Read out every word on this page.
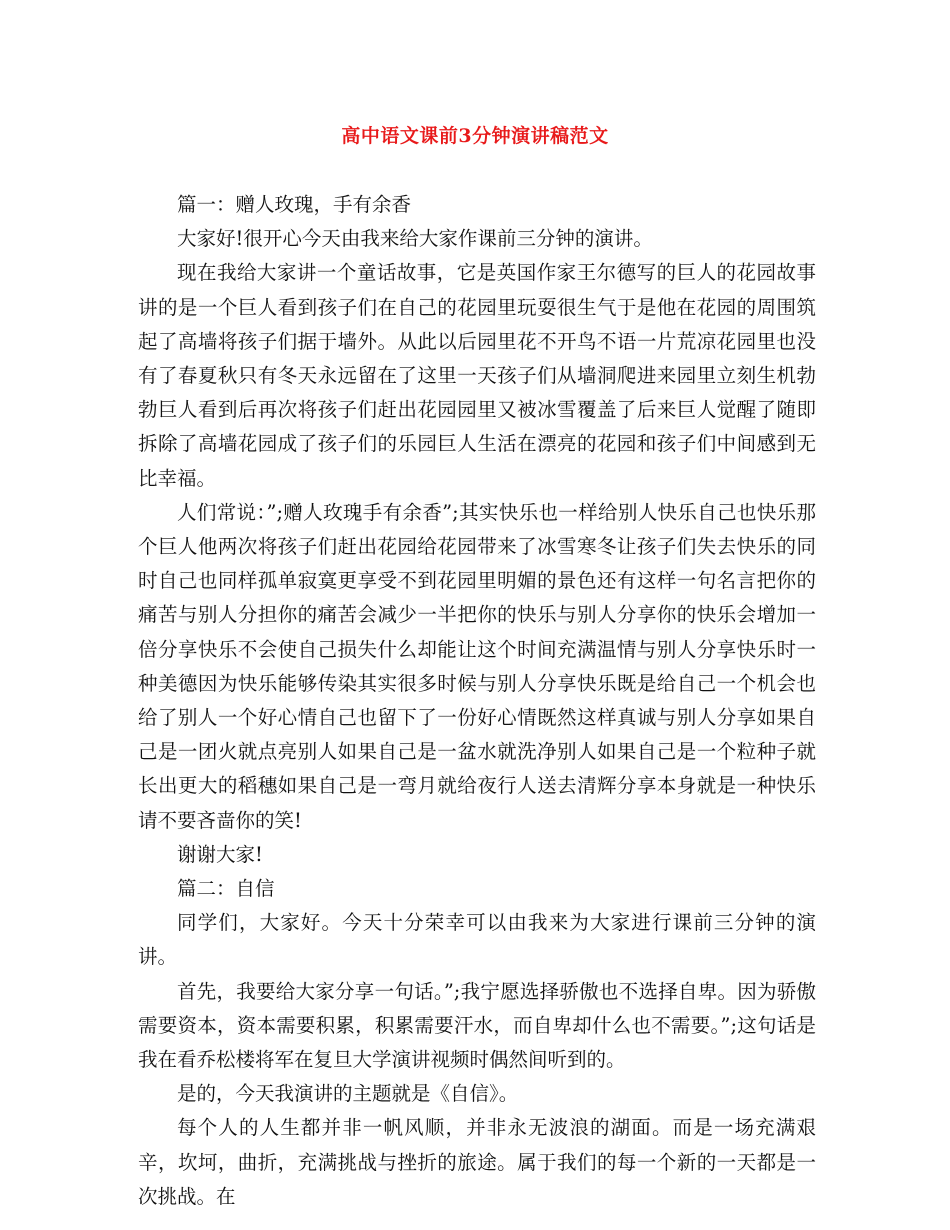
高中语文课前3分钟演讲稿范文

篇一：赠人玫瑰，手有余香

大家好!很开心今天由我来给大家作课前三分钟的演讲。

现在我给大家讲一个童话故事，它是英国作家王尔德写的巨人的花园故事讲的是一个巨人看到孩子们在自己的花园里玩耍很生气于是他在花园的周围筑起了高墙将孩子们据于墙外。从此以后园里花不开鸟不语一片荒凉花园里也没有了春夏秋只有冬天永远留在了这里一天孩子们从墙洞爬进来园里立刻生机勃勃巨人看到后再次将孩子们赶出花园园里又被冰雪覆盖了后来巨人觉醒了随即拆除了高墙花园成了孩子们的乐园巨人生活在漂亮的花园和孩子们中间感到无比幸福。

人们常说：”;赠人玫瑰手有余香”;其实快乐也一样给别人快乐自己也快乐那个巨人他两次将孩子们赶出花园给花园带来了冰雪寒冬让孩子们失去快乐的同时自己也同样孤单寂寞更享受不到花园里明媚的景色还有这样一句名言把你的痛苦与别人分担你的痛苦会减少一半把你的快乐与别人分享你的快乐会增加一倍分享快乐不会使自己损失什么却能让这个时间充满温情与别人分享快乐时一种美德因为快乐能够传染其实很多时候与别人分享快乐既是给自己一个机会也给了别人一个好心情自己也留下了一份好心情既然这样真诚与别人分享如果自己是一团火就点亮别人如果自己是一盆水就洗净别人如果自己是一个粒种子就长出更大的稻穗如果自己是一弯月就给夜行人送去清辉分享本身就是一种快乐请不要吝啬你的笑!

谢谢大家!

篇二：自信

同学们，大家好。今天十分荣幸可以由我来为大家进行课前三分钟的演讲。

首先，我要给大家分享一句话。”;我宁愿选择骄傲也不选择自卑。因为骄傲需要资本，资本需要积累，积累需要汗水，而自卑却什么也不需要。”;这句话是我在看乔松楼将军在复旦大学演讲视频时偶然间听到的。

是的，今天我演讲的主题就是《自信》。

每个人的人生都并非一帆风顺，并非永无波浪的湖面。而是一场充满艰辛，坎坷，曲折，充满挑战与挫折的旅途。属于我们的每一个新的一天都是一次挑战。在
